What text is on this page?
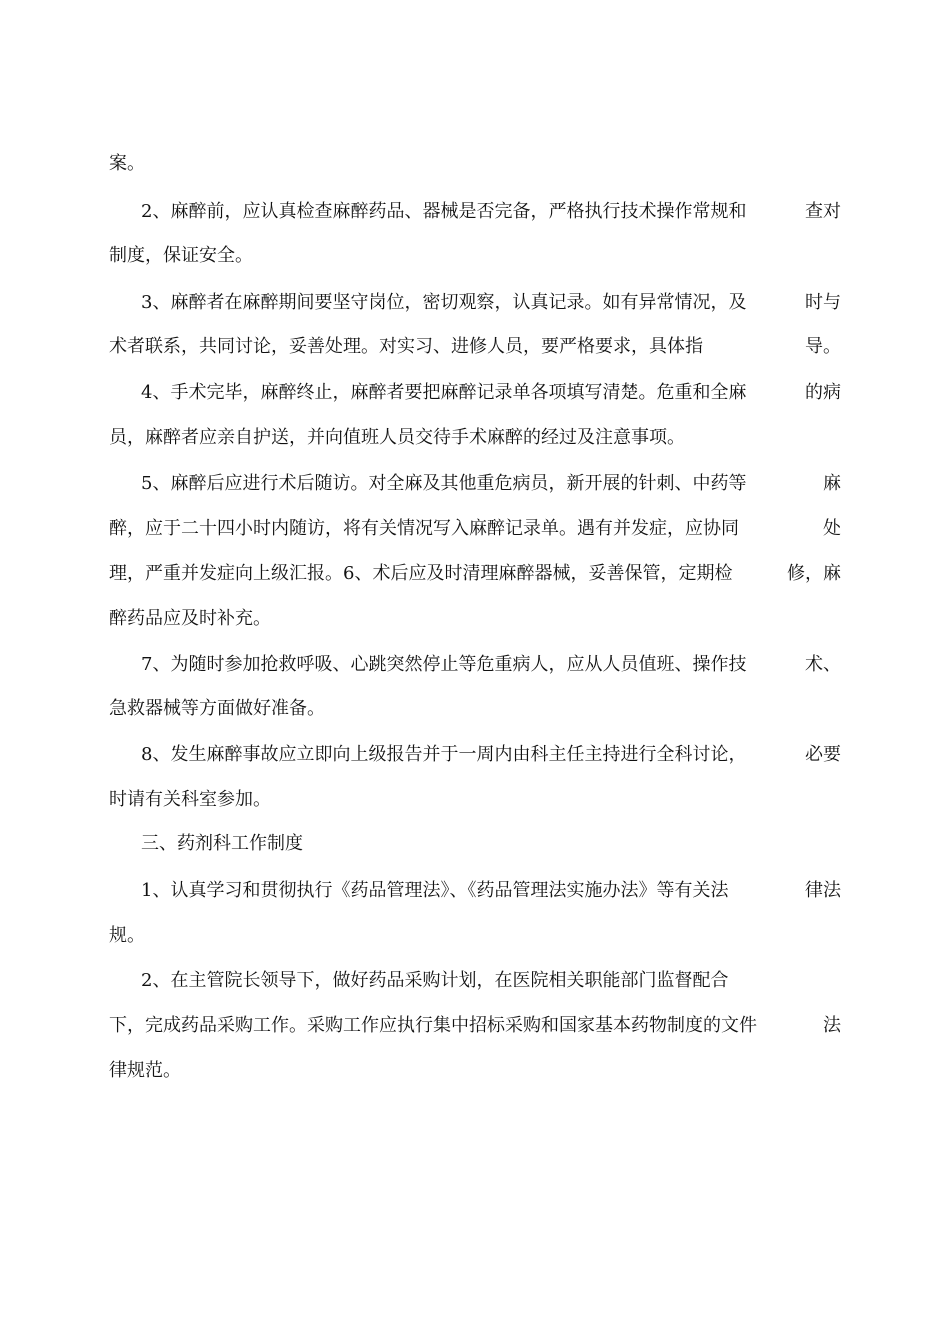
案。
2、麻醉前，应认真检查麻醉药品、器械是否完备，严格执行技术操作常规和	查对
制度，保证安全。
3、麻醉者在麻醉期间要坚守岗位，密切观察，认真记录。如有异常情况，及	时与
术者联系，共同讨论，妥善处理。对实习、进修人员，要严格要求，具体指	导。
4、手术完毕，麻醉终止，麻醉者要把麻醉记录单各项填写清楚。危重和全麻	的病
员，麻醉者应亲自护送，并向值班人员交待手术麻醉的经过及注意事项。
5、麻醉后应进行术后随访。对全麻及其他重危病员，新开展的针刺、中药等	麻
醉，应于二十四小时内随访，将有关情况写入麻醉记录单。遇有并发症，应协同	处
理，严重并发症向上级汇报。6、术后应及时清理麻醉器械，妥善保管，定期检	修，麻
醉药品应及时补充。
7、为随时参加抢救呼吸、心跳突然停止等危重病人，应从人员值班、操作技	术、
急救器械等方面做好准备。
8、发生麻醉事故应立即向上级报告并于一周内由科主任主持进行全科讨论，	必要
时请有关科室参加。
三、药剂科工作制度
1、认真学习和贯彻执行《药品管理法》、《药品管理法实施办法》等有关法	律法
规。
2、在主管院长领导下，做好药品采购计划，在医院相关职能部门监督配合
下，完成药品采购工作。采购工作应执行集中招标采购和国家基本药物制度的文件	法
律规范。
